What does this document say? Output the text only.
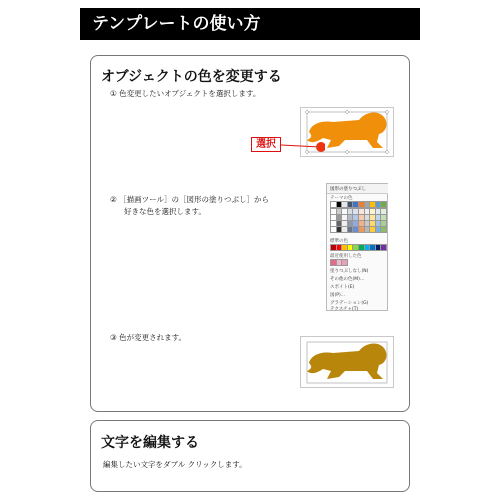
テンプレートの使い方
オブジェクトの色を変更する
① 色変更したいオブジェクトを選択します。
選択
② ［描画ツール］の［図形の塗りつぶし］から
好きな色を選択します。
図形の塗りつぶし
テーマの色
標準の色
最近使用した色
塗りつぶしなし(N)
その他の色(M)...
スポイト(E)
図(P)...
グラデーション(G)
テクスチャ(T)
③ 色が変更されます。
文字を編集する
編集したい文字をダブル クリックします。
